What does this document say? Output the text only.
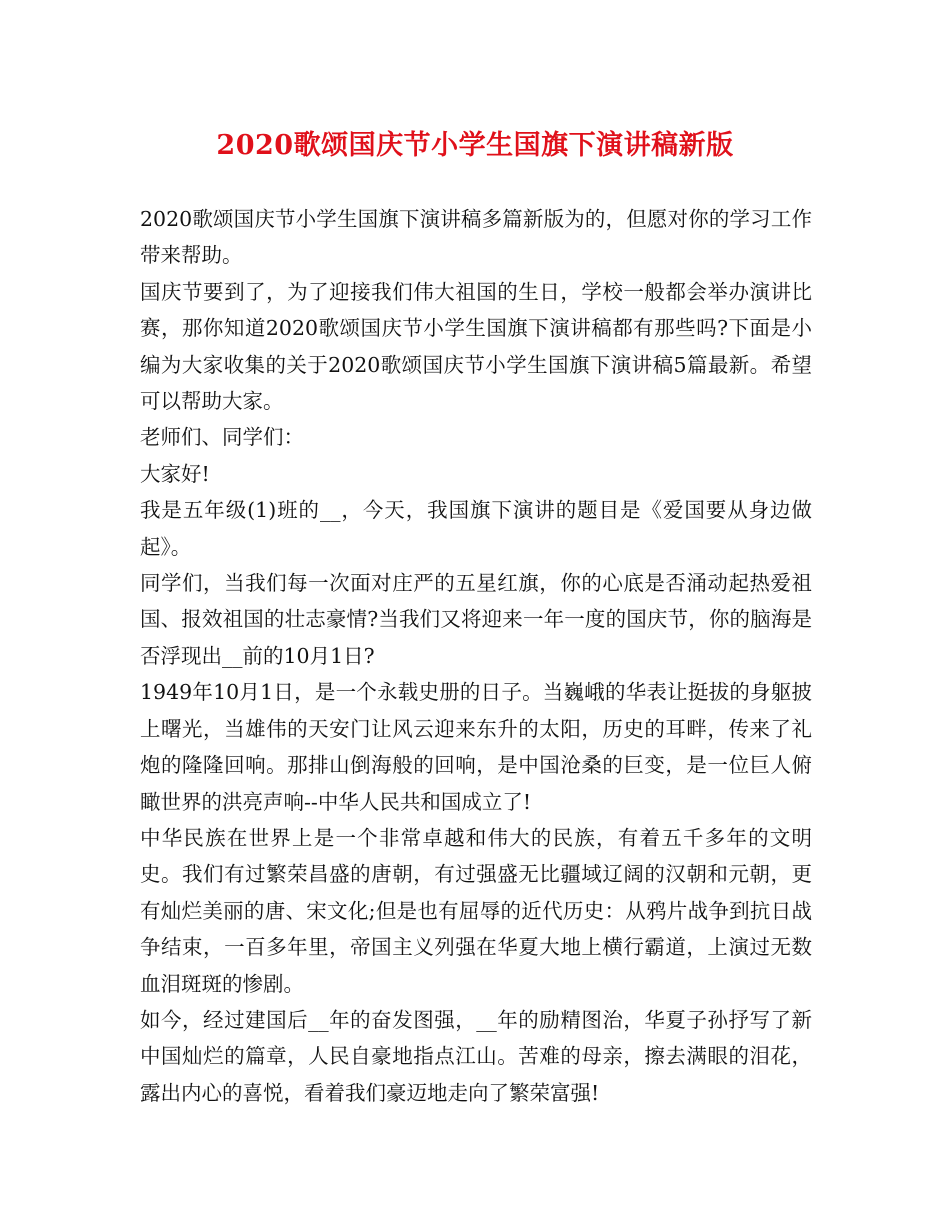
2020歌颂国庆节小学生国旗下演讲稿新版

2020歌颂国庆节小学生国旗下演讲稿多篇新版为的，但愿对你的学习工作带来帮助。

国庆节要到了，为了迎接我们伟大祖国的生日，学校一般都会举办演讲比赛，那你知道2020歌颂国庆节小学生国旗下演讲稿都有那些吗?下面是小编为大家收集的关于2020歌颂国庆节小学生国旗下演讲稿5篇最新。希望可以帮助大家。

老师们、同学们：

大家好!

我是五年级(1)班的__，今天，我国旗下演讲的题目是《爱国要从身边做起》。

同学们，当我们每一次面对庄严的五星红旗，你的心底是否涌动起热爱祖国、报效祖国的壮志豪情?当我们又将迎来一年一度的国庆节，你的脑海是否浮现出__前的10月1日?

1949年10月1日，是一个永载史册的日子。当巍峨的华表让挺拔的身躯披上曙光，当雄伟的天安门让风云迎来东升的太阳，历史的耳畔，传来了礼炮的隆隆回响。那排山倒海般的回响，是中国沧桑的巨变，是一位巨人俯瞰世界的洪亮声响--中华人民共和国成立了!

中华民族在世界上是一个非常卓越和伟大的民族，有着五千多年的文明史。我们有过繁荣昌盛的唐朝，有过强盛无比疆域辽阔的汉朝和元朝，更有灿烂美丽的唐、宋文化;但是也有屈辱的近代历史：从鸦片战争到抗日战争结束，一百多年里，帝国主义列强在华夏大地上横行霸道，上演过无数血泪斑斑的惨剧。

如今，经过建国后__年的奋发图强，__年的励精图治，华夏子孙抒写了新中国灿烂的篇章，人民自豪地指点江山。苦难的母亲，擦去满眼的泪花，露出内心的喜悦，看着我们豪迈地走向了繁荣富强!
